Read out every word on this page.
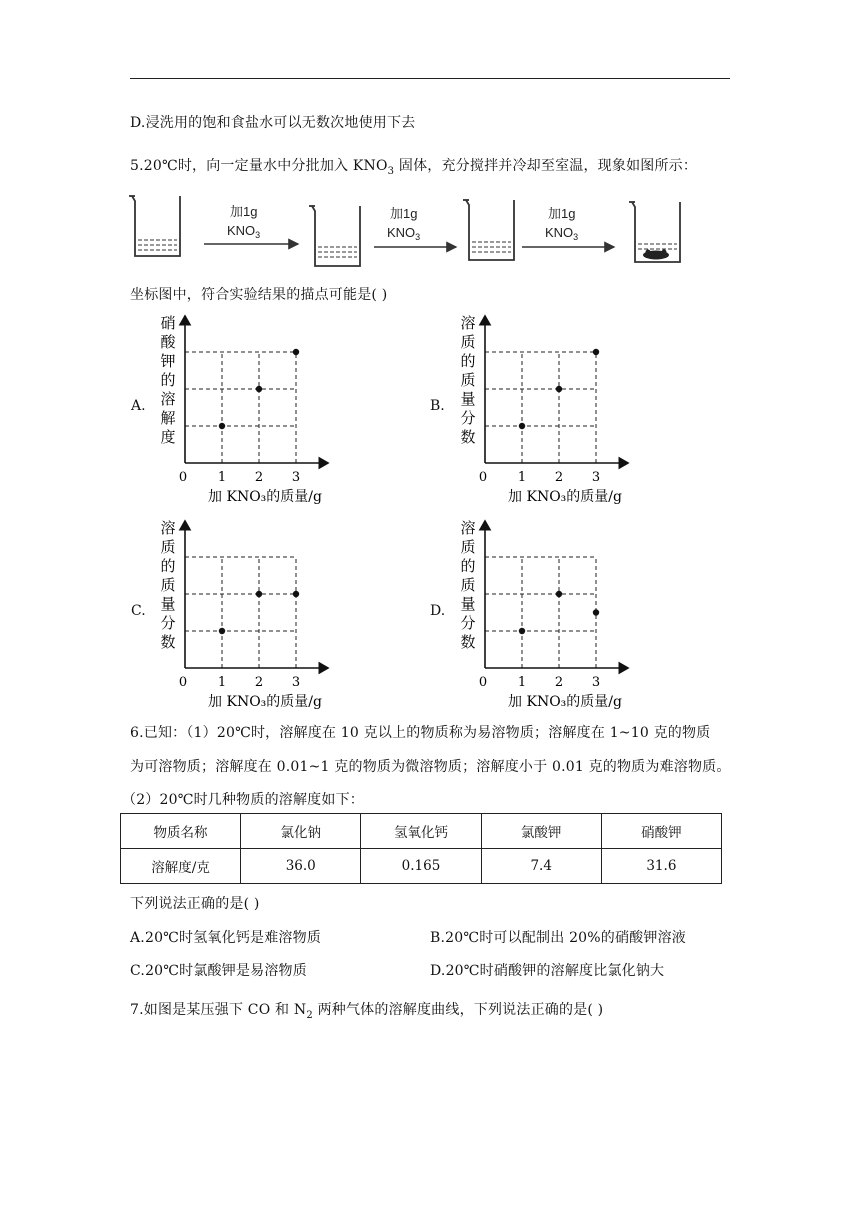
D.浸洗用的饱和食盐水可以无数次地使用下去
5.20℃时，向一定量水中分批加入 $KNO_3$ 固体，充分搅拌并冷却至室温，现象如图所示：
加1g
$KNO_3$
加1g
$KNO_3$
加1g
$KNO_3$
坐标图中，符合实验结果的描点可能是( )
A.	B.
C.	D.
0 1 2 3
加 KNO₃的质量/g
硝酸钾的溶解度
0 1 2 3
加 KNO₃的质量/g
溶质的质量分数
0 1 2 3
加 KNO₃的质量/g
溶质的质量分数
0 1 2 3
加 KNO₃的质量/g
溶质的质量分数
6.已知：（1）20℃时，溶解度在 10 克以上的物质称为易溶物质；溶解度在 1~10 克的物质
为可溶物质；溶解度在 0.01~1 克的物质为微溶物质；溶解度小于 0.01 克的物质为难溶物质。
（2）20℃时几种物质的溶解度如下：
物质名称	氯化钠	氢氧化钙	氯酸钾	硝酸钾
溶解度/克	36.0	0.165	7.4	31.6
下列说法正确的是( )
A.20℃时氢氧化钙是难溶物质	B.20℃时可以配制出 20%的硝酸钾溶液
C.20℃时氯酸钾是易溶物质	D.20℃时硝酸钾的溶解度比氯化钠大
7.如图是某压强下 CO 和 $N_2$ 两种气体的溶解度曲线，下列说法正确的是( )
